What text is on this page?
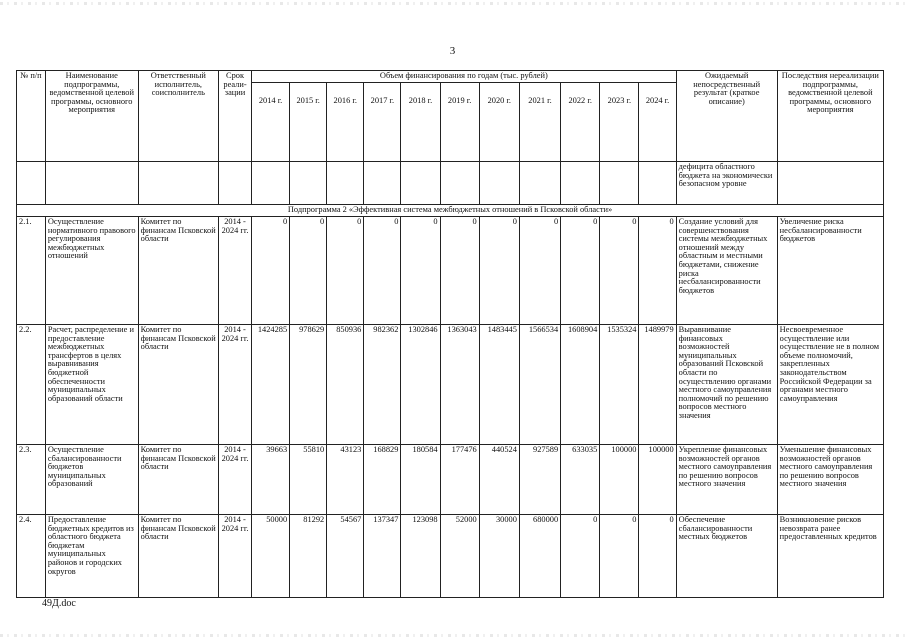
3
№ п/п	Наименование подпрограммы, ведомственной целевой программы, основного мероприятия	Ответственный исполнитель, соисполнитель	Срок реали-зации	Объем финансирования по годам (тыс. рублей)											Ожидаемый непосредственный результат (краткое описание)	Последствия нереализации подпрограммы, ведомственной целевой программы, основного мероприятия
				2014 г.	2015 г.	2016 г.	2017 г.	2018 г.	2019 г.	2020 г.	2021 г.	2022 г.	2023 г.	2024 г.		
															дефицита областного бюджета на экономически безопасном уровне	
Подпрограмма 2 «Эффективная система межбюджетных отношений в Псковской области»																
2.1.	Осуществление нормативного правового регулирования межбюджетных отношений	Комитет по финансам Псковской области	2014 - 2024 гг.	0	0	0	0	0	0	0	0	0	0	0	Создание условий для совершенствования системы межбюджетных отношений между областным и местными бюджетами, снижение риска несбалансированности бюджетов	Увеличение риска несбалансированности бюджетов
2.2.	Расчет, распределение и предоставление межбюджетных трансфертов в целях выравнивания бюджетной обеспеченности муниципальных образований области	Комитет по финансам Псковской области	2014 - 2024 гг.	1424285	978629	850936	982362	1302846	1363043	1483445	1566534	1608904	1535324	1489979	Выравнивание финансовых возможностей муниципальных образований Псковской области по осуществлению органами местного самоуправления полномочий по решению вопросов местного значения	Несвоевременное осуществление или осуществление не в полном объеме полномочий, закрепленных законодательством Российской Федерации за органами местного самоуправления
2.3.	Осуществление сбалансированности бюджетов муниципальных образований	Комитет по финансам Псковской области	2014 - 2024 гг.	39663	55810	43123	168829	180584	177476	440524	927589	633035	100000	100000	Укрепление финансовых возможностей органов местного самоуправления по решению вопросов местного значения	Уменьшение финансовых возможностей органов местного самоуправления по решению вопросов местного значения
2.4.	Предоставление бюджетных кредитов из областного бюджета бюджетам муниципальных районов и городских округов	Комитет по финансам Псковской области	2014 - 2024 гг.	50000	81292	54567	137347	123098	52000	30000	680000	0	0	0	Обеспечение сбалансированности местных бюджетов	Возникновение рисков невозврата ранее предоставленных кредитов
49Д.doc
